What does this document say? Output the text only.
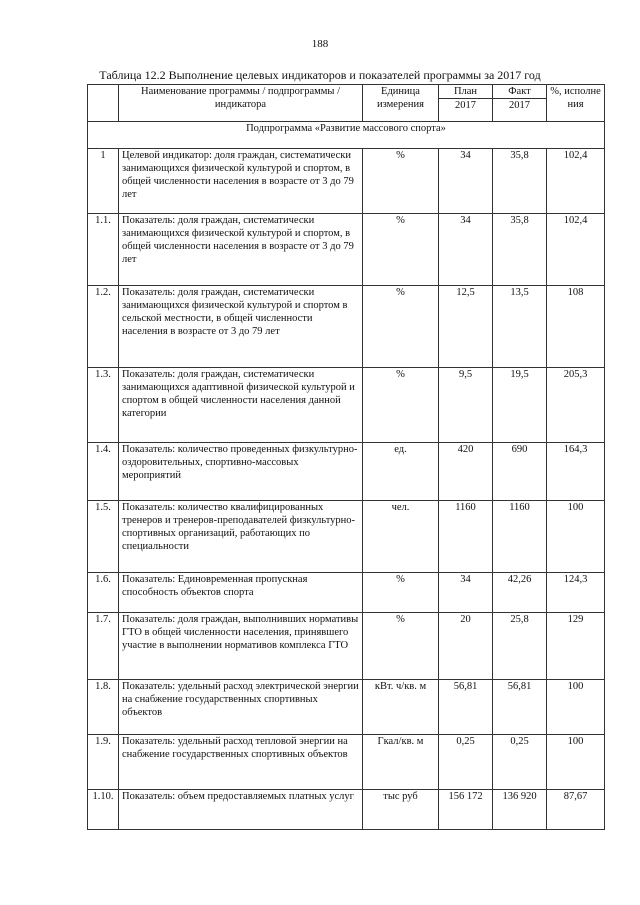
188
Таблица 12.2 Выполнение целевых индикаторов и показателей программы за 2017 год
	Наименование программы / подпрограммы / индикатора	Единица измерения	План	Факт	%, исполне ния
			2017	2017	
Подпрограмма «Развитие массового спорта»					
1	Целевой индикатор: доля граждан, систематически занимающихся физической культурой и спортом, в общей численности населения в возрасте от 3 до 79 лет	%	34	35,8	102,4
1.1.	Показатель: доля граждан, систематически занимающихся физической культурой и спортом, в общей численности населения в возрасте от 3 до 79 лет	%	34	35,8	102,4
1.2.	Показатель: доля граждан, систематически занимающихся физической культурой и спортом в сельской местности, в общей численности населения в возрасте от 3 до 79 лет	%	12,5	13,5	108
1.3.	Показатель: доля граждан, систематически занимающихся адаптивной физической культурой и спортом в общей численности населения данной категории	%	9,5	19,5	205,3
1.4.	Показатель: количество проведенных физкультурно-оздоровительных, спортивно-массовых мероприятий	ед.	420	690	164,3
1.5.	Показатель: количество квалифицированных тренеров и тренеров-преподавателей физкультурно-спортивных организаций, работающих по специальности	чел.	1160	1160	100
1.6.	Показатель: Единовременная пропускная способность объектов спорта	%	34	42,26	124,3
1.7.	Показатель: доля граждан, выполнивших нормативы ГТО в общей численности населения, принявшего участие в выполнении нормативов комплекса ГТО	%	20	25,8	129
1.8.	Показатель: удельный расход электрической энергии на снабжение государственных спортивных объектов	кВт. ч/кв. м	56,81	56,81	100
1.9.	Показатель: удельный расход тепловой энергии на снабжение государственных спортивных объектов	Гкал/кв. м	0,25	0,25	100
1.10.	Показатель: объем предоставляемых платных услуг	тыс руб	156 172	136 920	87,67
